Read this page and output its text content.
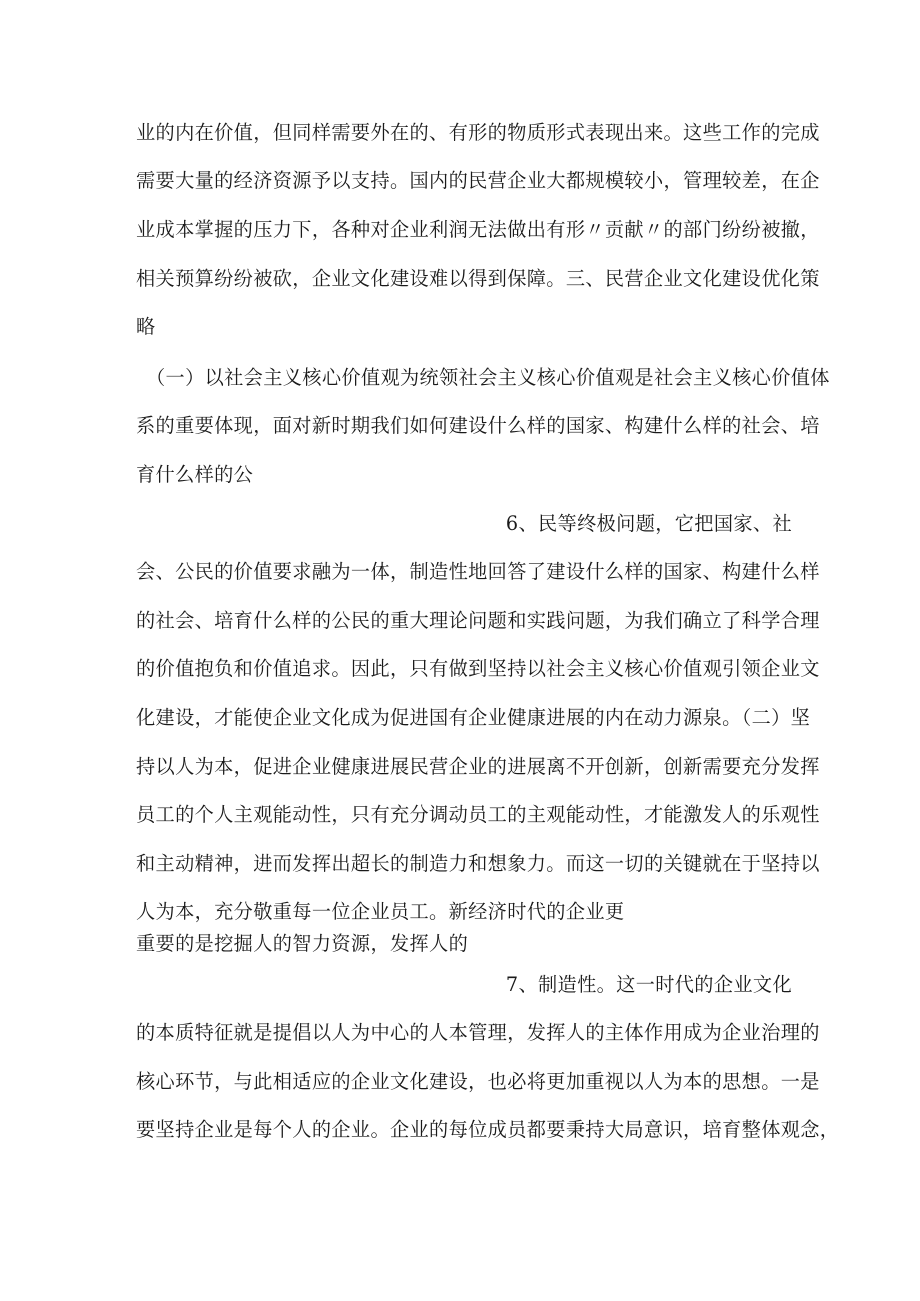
业的内在价值，但同样需要外在的、有形的物质形式表现出来。这些工作的完成
需要大量的经济资源予以支持。国内的民营企业大都规模较小，管理较差，在企
业成本掌握的压力下，各种对企业利润无法做出有形〃贡献〃的部门纷纷被撤，
相关预算纷纷被砍，企业文化建设难以得到保障。三、民营企业文化建设优化策
略
（一）以社会主义核心价值观为统领社会主义核心价值观是社会主义核心价值体
系的重要体现，面对新时期我们如何建设什么样的国家、构建什么样的社会、培
育什么样的公
6、民等终极问题，它把国家、社
会、公民的价值要求融为一体，制造性地回答了建设什么样的国家、构建什么样
的社会、培育什么样的公民的重大理论问题和实践问题，为我们确立了科学合理
的价值抱负和价值追求。因此，只有做到坚持以社会主义核心价值观引领企业文
化建设，才能使企业文化成为促进国有企业健康进展的内在动力源泉。（二）坚
持以人为本，促进企业健康进展民营企业的进展离不开创新，创新需要充分发挥
员工的个人主观能动性，只有充分调动员工的主观能动性，才能激发人的乐观性
和主动精神，进而发挥出超长的制造力和想象力。而这一切的关键就在于坚持以
人为本，充分敬重每一位企业员工。新经济时代的企业更
重要的是挖掘人的智力资源，发挥人的
7、制造性。这一时代的企业文化
的本质特征就是提倡以人为中心的人本管理，发挥人的主体作用成为企业治理的
核心环节，与此相适应的企业文化建设，也必将更加重视以人为本的思想。一是
要坚持企业是每个人的企业。企业的每位成员都要秉持大局意识，培育整体观念，
